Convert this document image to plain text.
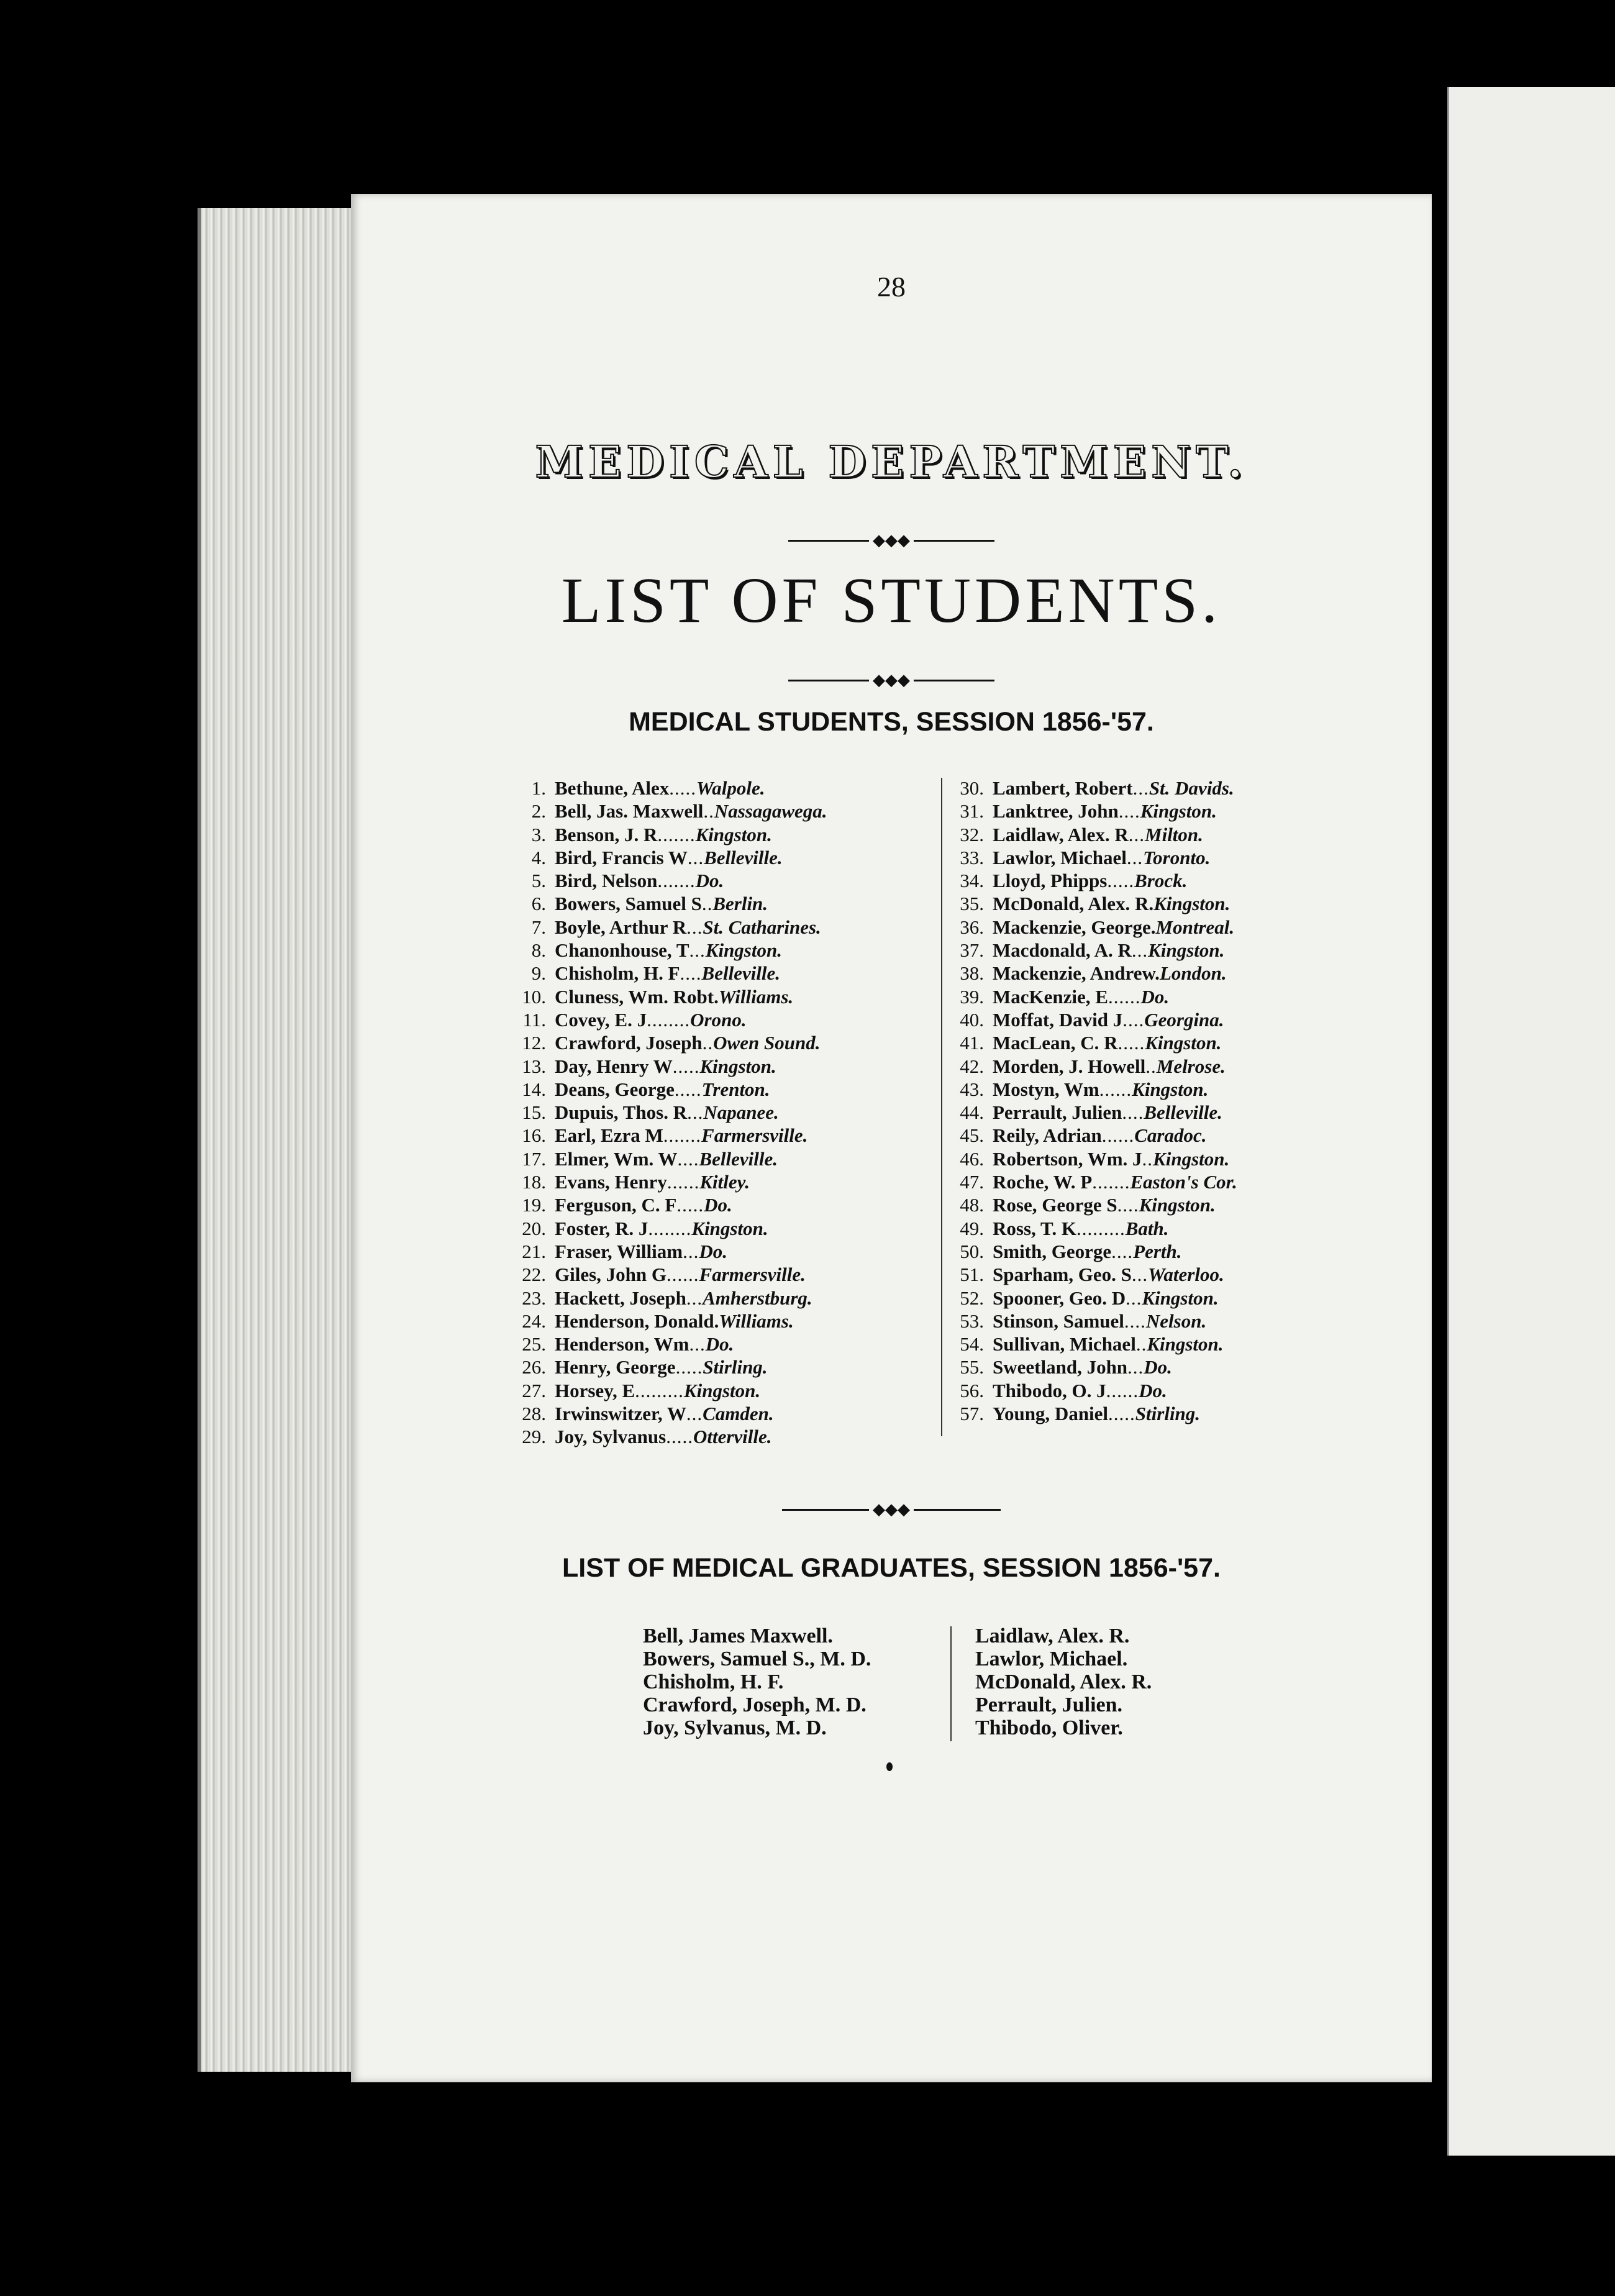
28
MEDICAL DEPARTMENT.
◆◆◆
LIST OF STUDENTS.
◆◆◆
MEDICAL STUDENTS, SESSION 1856-'57.
1. Bethune, Alex ..... Walpole.
2. Bell, Jas. Maxwell .. Nassagawega.
3. Benson, J. R ....... Kingston.
4. Bird, Francis W ... Belleville.
5. Bird, Nelson ....... Do.
6. Bowers, Samuel S .. Berlin.
7. Boyle, Arthur R ... St. Catharines.
8. Chanonhouse, T ... Kingston.
9. Chisholm, H. F .... Belleville.
10. Cluness, Wm. Robt. Williams.
11. Covey, E. J ........ Orono.
12. Crawford, Joseph .. Owen Sound.
13. Day, Henry W ..... Kingston.
14. Deans, George ..... Trenton.
15. Dupuis, Thos. R ... Napanee.
16. Earl, Ezra M ....... Farmersville.
17. Elmer, Wm. W .... Belleville.
18. Evans, Henry ...... Kitley.
19. Ferguson, C. F ..... Do.
20. Foster, R. J ........ Kingston.
21. Fraser, William ... Do.
22. Giles, John G ...... Farmersville.
23. Hackett, Joseph ... Amherstburg.
24. Henderson, Donald. Williams.
25. Henderson, Wm ... Do.
26. Henry, George ..... Stirling.
27. Horsey, E ......... Kingston.
28. Irwinswitzer, W ... Camden.
29. Joy, Sylvanus ..... Otterville.
30. Lambert, Robert ... St. Davids.
31. Lanktree, John .... Kingston.
32. Laidlaw, Alex. R ... Milton.
33. Lawlor, Michael ... Toronto.
34. Lloyd, Phipps ..... Brock.
35. McDonald, Alex. R. Kingston.
36. Mackenzie, George. Montreal.
37. Macdonald, A. R ... Kingston.
38. Mackenzie, Andrew. London.
39. MacKenzie, E ...... Do.
40. Moffat, David J .... Georgina.
41. MacLean, C. R ..... Kingston.
42. Morden, J. Howell .. Melrose.
43. Mostyn, Wm ...... Kingston.
44. Perrault, Julien .... Belleville.
45. Reily, Adrian ...... Caradoc.
46. Robertson, Wm. J .. Kingston.
47. Roche, W. P ....... Easton's Cor.
48. Rose, George S .... Kingston.
49. Ross, T. K ......... Bath.
50. Smith, George .... Perth.
51. Sparham, Geo. S ... Waterloo.
52. Spooner, Geo. D ... Kingston.
53. Stinson, Samuel .... Nelson.
54. Sullivan, Michael .. Kingston.
55. Sweetland, John ... Do.
56. Thibodo, O. J ...... Do.
57. Young, Daniel ..... Stirling.
◆◆◆
LIST OF MEDICAL GRADUATES, SESSION 1856-'57.
Bell, James Maxwell.
Bowers, Samuel S., M. D.
Chisholm, H. F.
Crawford, Joseph, M. D.
Joy, Sylvanus, M. D.
Laidlaw, Alex. R.
Lawlor, Michael.
McDonald, Alex. R.
Perrault, Julien.
Thibodo, Oliver.
